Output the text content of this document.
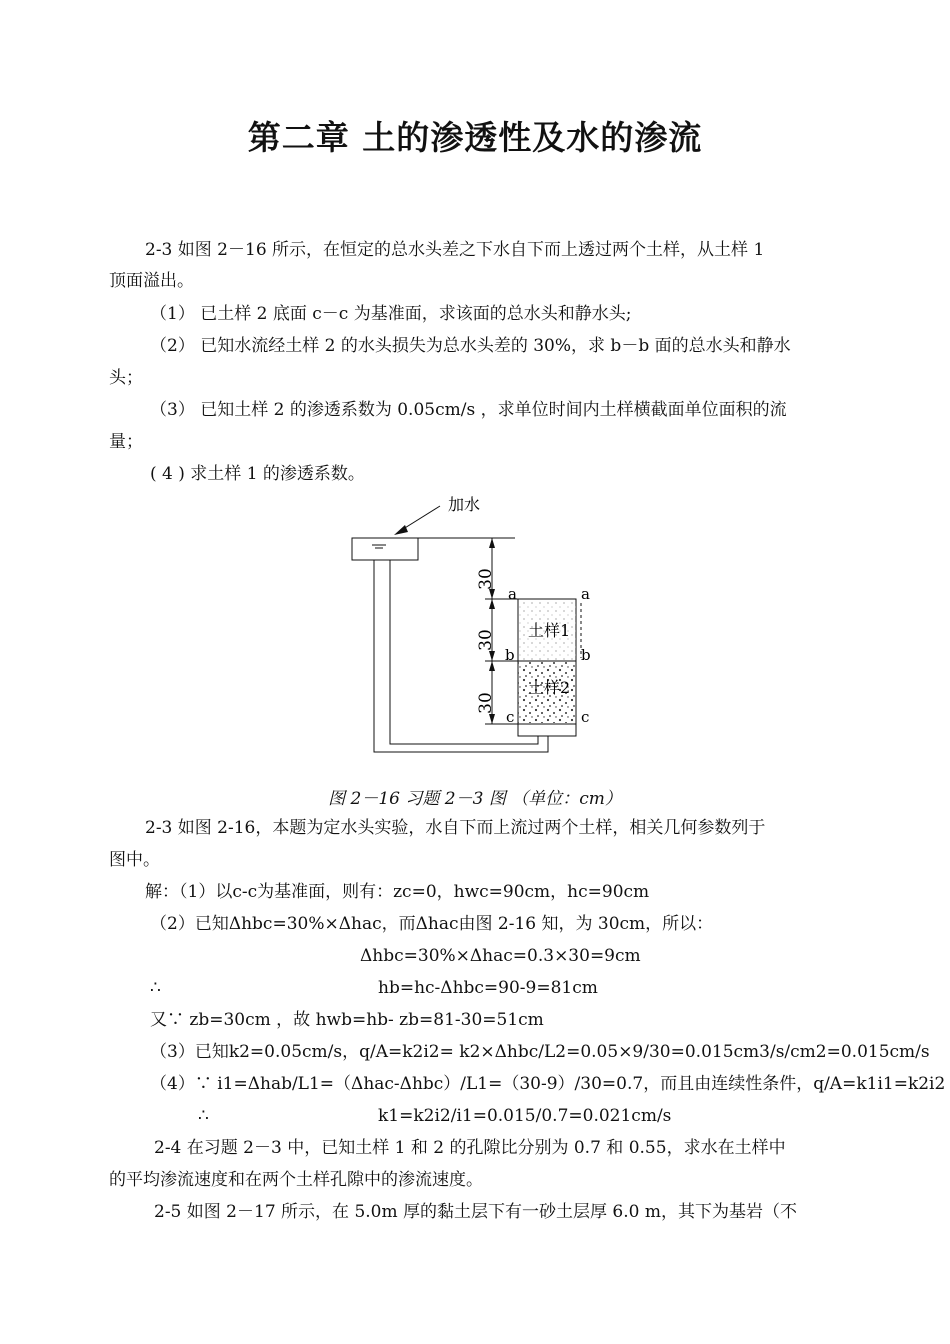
第二章 土的渗透性及水的渗流
2-3 如图 2－16 所示，在恒定的总水头差之下水自下而上透过两个土样，从土样 1
顶面溢出。
（1） 已土样 2 底面 c－c 为基准面，求该面的总水头和静水头;
（2） 已知水流经土样 2 的水头损失为总水头差的 30%，求 b－b 面的总水头和静水
头；
（3） 已知土样 2 的渗透系数为 0.05cm/s ，求单位时间内土样横截面单位面积的流
量；
( 4 ) 求土样 1 的渗透系数。
加水
土样1
土样2
a	a
b	b
c	c
30
30
30
图 2－16 习题 2－3 图 （单位：cm）
2-3 如图 2-16，本题为定水头实验，水自下而上流过两个土样，相关几何参数列于
图中。
解：（1）以c-c为基准面，则有：zc=0，hwc=90cm，hc=90cm
（2）已知Δhbc=30%×Δhac，而Δhac由图 2-16 知，为 30cm，所以：
Δhbc=30%×Δhac=0.3×30=9cm
∴	hb=hc-Δhbc=90-9=81cm
又∵ zb=30cm ，故 hwb=hb- zb=81-30=51cm
（3）已知k2=0.05cm/s，q/A=k2i2= k2×Δhbc/L2=0.05×9/30=0.015cm3/s/cm2=0.015cm/s
（4）∵ i1=Δhab/L1=（Δhac-Δhbc）/L1=（30-9）/30=0.7，而且由连续性条件，q/A=k1i1=k2i2
∴	k1=k2i2/i1=0.015/0.7=0.021cm/s
2-4 在习题 2－3 中，已知土样 1 和 2 的孔隙比分别为 0.7 和 0.55，求水在土样中
的平均渗流速度和在两个土样孔隙中的渗流速度。
2-5 如图 2－17 所示，在 5.0m 厚的黏土层下有一砂土层厚 6.0 m，其下为基岩（不
